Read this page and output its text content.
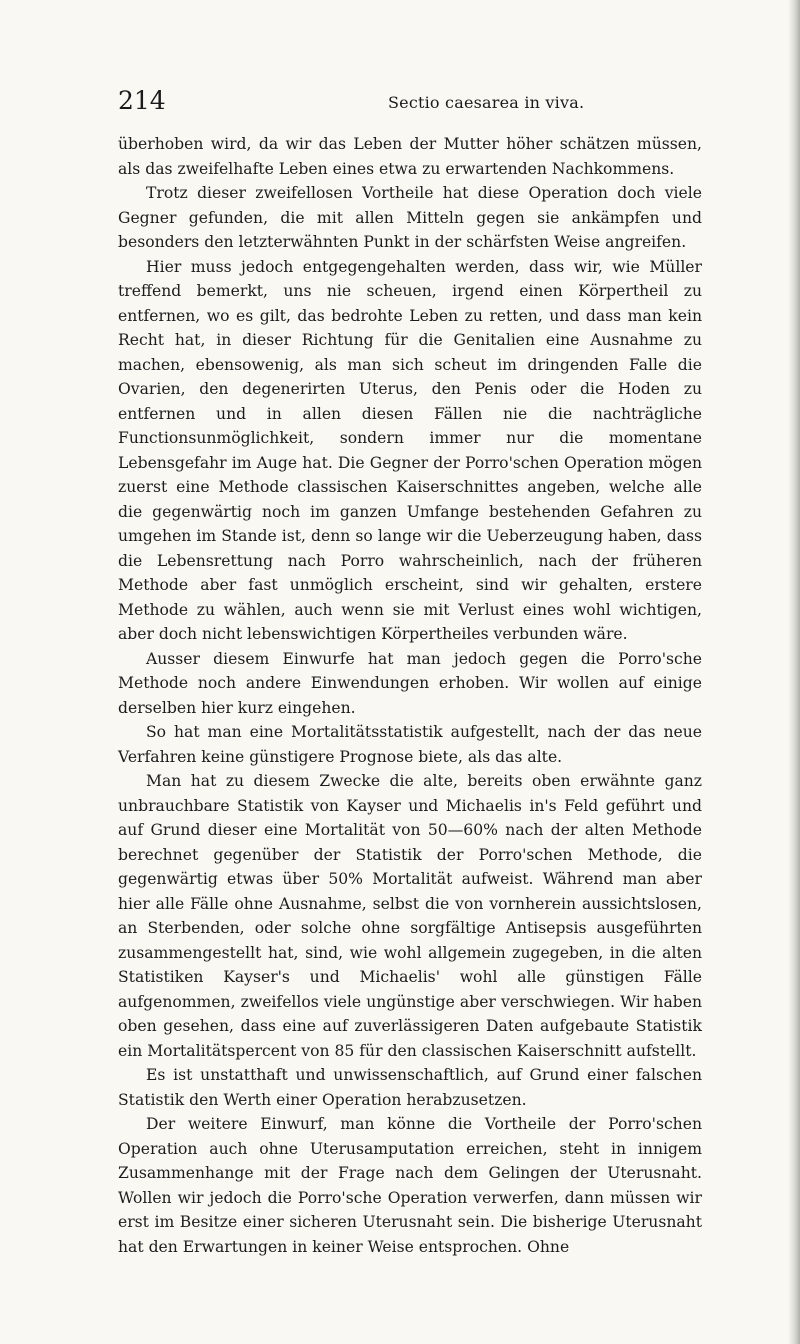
214	Sectio caesarea in viva.

überhoben wird, da wir das Leben der Mutter höher schätzen müssen, als das zweifelhafte Leben eines etwa zu erwartenden Nachkommens.

Trotz dieser zweifellosen Vortheile hat diese Operation doch viele Gegner gefunden, die mit allen Mitteln gegen sie ankämpfen und besonders den letzterwähnten Punkt in der schärfsten Weise angreifen.

Hier muss jedoch entgegengehalten werden, dass wir, wie Müller treffend bemerkt, uns nie scheuen, irgend einen Körpertheil zu entfernen, wo es gilt, das bedrohte Leben zu retten, und dass man kein Recht hat, in dieser Richtung für die Genitalien eine Ausnahme zu machen, ebensowenig, als man sich scheut im dringenden Falle die Ovarien, den degenerirten Uterus, den Penis oder die Hoden zu entfernen und in allen diesen Fällen nie die nachträgliche Functionsunmöglichkeit, sondern immer nur die momentane Lebensgefahr im Auge hat. Die Gegner der Porro'schen Operation mögen zuerst eine Methode classischen Kaiserschnittes angeben, welche alle die gegenwärtig noch im ganzen Umfange bestehenden Gefahren zu umgehen im Stande ist, denn so lange wir die Ueberzeugung haben, dass die Lebensrettung nach Porro wahrscheinlich, nach der früheren Methode aber fast unmöglich erscheint, sind wir gehalten, erstere Methode zu wählen, auch wenn sie mit Verlust eines wohl wichtigen, aber doch nicht lebenswichtigen Körpertheiles verbunden wäre.

Ausser diesem Einwurfe hat man jedoch gegen die Porro'sche Methode noch andere Einwendungen erhoben. Wir wollen auf einige derselben hier kurz eingehen.

So hat man eine Mortalitätsstatistik aufgestellt, nach der das neue Verfahren keine günstigere Prognose biete, als das alte.

Man hat zu diesem Zwecke die alte, bereits oben erwähnte ganz unbrauchbare Statistik von Kayser und Michaelis in's Feld geführt und auf Grund dieser eine Mortalität von 50—60% nach der alten Methode berechnet gegenüber der Statistik der Porro'schen Methode, die gegenwärtig etwas über 50% Mortalität aufweist. Während man aber hier alle Fälle ohne Ausnahme, selbst die von vornherein aussichtslosen, an Sterbenden, oder solche ohne sorgfältige Antisepsis ausgeführten zusammengestellt hat, sind, wie wohl allgemein zugegeben, in die alten Statistiken Kayser's und Michaelis' wohl alle günstigen Fälle aufgenommen, zweifellos viele ungünstige aber verschwiegen. Wir haben oben gesehen, dass eine auf zuverlässigeren Daten aufgebaute Statistik ein Mortalitätspercent von 85 für den classischen Kaiserschnitt aufstellt.

Es ist unstatthaft und unwissenschaftlich, auf Grund einer falschen Statistik den Werth einer Operation herabzusetzen.

Der weitere Einwurf, man könne die Vortheile der Porro'schen Operation auch ohne Uterusamputation erreichen, steht in innigem Zusammenhange mit der Frage nach dem Gelingen der Uterusnaht. Wollen wir jedoch die Porro'sche Operation verwerfen, dann müssen wir erst im Besitze einer sicheren Uterusnaht sein. Die bisherige Uterusnaht hat den Erwartungen in keiner Weise entsprochen. Ohne
